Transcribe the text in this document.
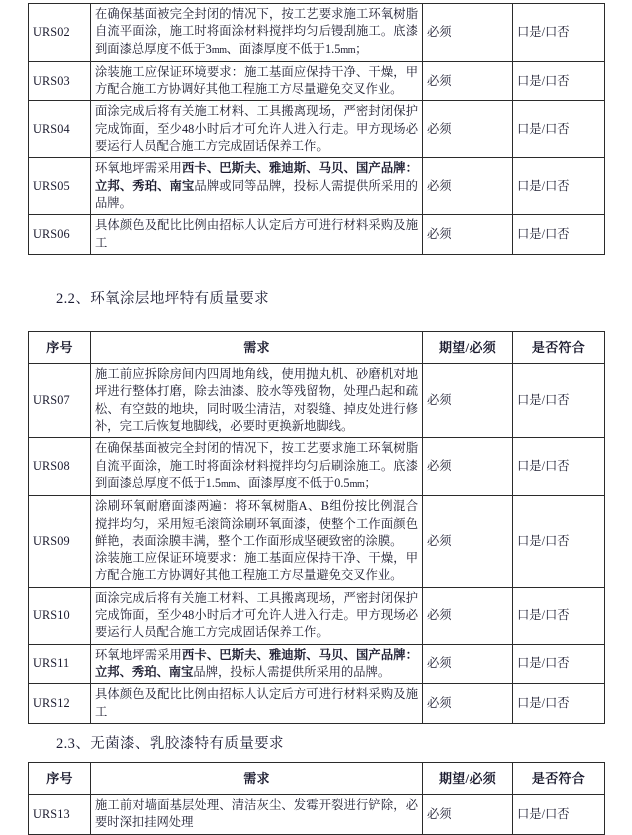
URS02	在确保基面被完全封闭的情况下，按工艺要求施工环氧树脂自流平面涂，施工时将面涂材料搅拌均匀后镘刮施工。底漆到面漆总厚度不低于3mm、面漆厚度不低于1.5mm；	必须	口是/口否
URS03	涂装施工应保证环境要求：施工基面应保持干净、干燥，甲方配合施工方协调好其他工程施工方尽量避免交叉作业。	必须	口是/口否
URS04	面涂完成后将有关施工材料、工具搬离现场，严密封闭保护完成饰面，至少48小时后才可允许人进入行走。甲方现场必要运行人员配合施工方完成固话保养工作。	必须	口是/口否
URS05	环氧地坪需采用西卡、巴斯夫、雅迪斯、马贝、国产品牌：立邦、秀珀、南宝品牌或同等品牌，投标人需提供所采用的品牌。	必须	口是/口否
URS06	具体颜色及配比比例由招标人认定后方可进行材料采购及施工	必须	口是/口否
2.2、环氧涂层地坪特有质量要求
序号	需求	期望/必须	是否符合
URS07	施工前应拆除房间内四周地角线，使用抛丸机、砂磨机对地坪进行整体打磨，除去油漆、胶水等残留物，处理凸起和疏松、有空鼓的地块，同时吸尘清洁，对裂缝、掉皮处进行修补，完工后恢复地脚线，必要时更换新地脚线。	必须	口是/口否
URS08	在确保基面被完全封闭的情况下，按工艺要求施工环氧树脂自流平面涂，施工时将面涂材料搅拌均匀后刷涂施工。底漆到面漆总厚度不低于1.5mm、面漆厚度不低于0.5mm；	必须	口是/口否
URS09	涂刷环氧耐磨面漆两遍：将环氧树脂A、B组份按比例混合搅拌均匀，采用短毛滚筒涂刷环氧面漆，使整个工作面颜色鲜艳，表面涂膜丰满，整个工作面形成坚硬致密的涂膜。
涂装施工应保证环境要求：施工基面应保持干净、干燥，甲方配合施工方协调好其他工程施工方尽量避免交叉作业。	必须	口是/口否
URS10	面涂完成后将有关施工材料、工具搬离现场，严密封闭保护完成饰面，至少48小时后才可允许人进入行走。甲方现场必要运行人员配合施工方完成固话保养工作。	必须	口是/口否
URS11	环氧地坪需采用西卡、巴斯夫、雅迪斯、马贝、国产品牌：立邦、秀珀、南宝品牌，投标人需提供所采用的品牌。	必须	口是/口否
URS12	具体颜色及配比比例由招标人认定后方可进行材料采购及施工	必须	口是/口否
2.3、无菌漆、乳胶漆特有质量要求
序号	需求	期望/必须	是否符合
URS13	施工前对墙面基层处理、清洁灰尘、发霉开裂进行铲除，必要时深扣挂网处理	必须	口是/口否
